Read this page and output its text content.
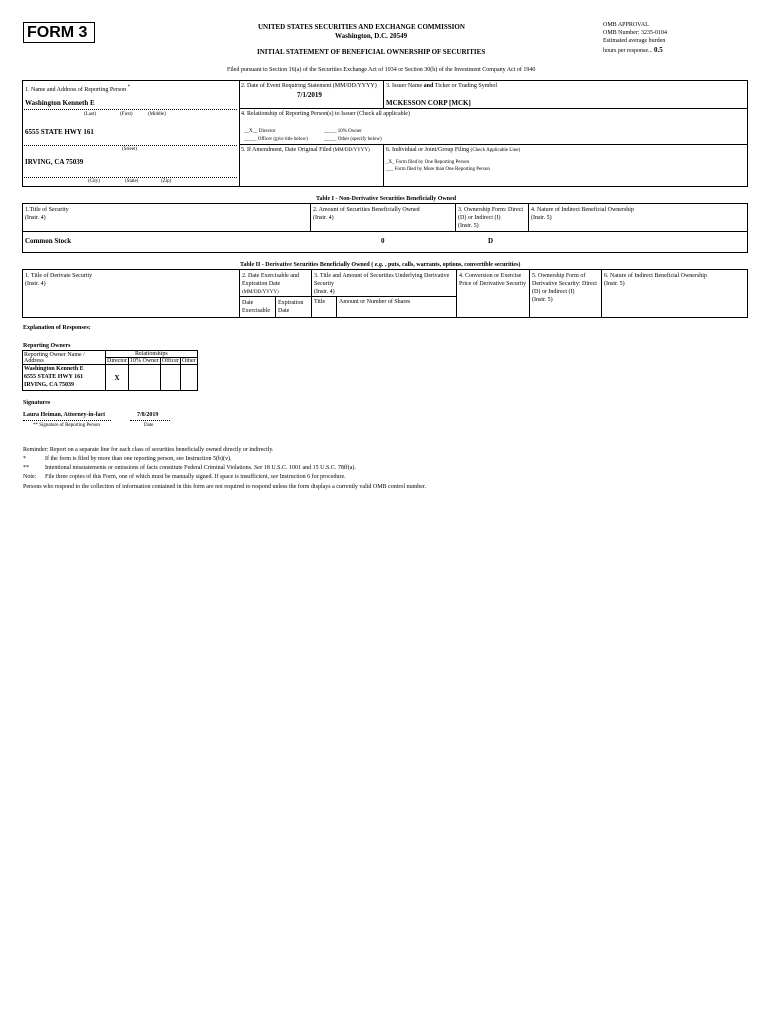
FORM 3	UNITED STATES SECURITIES AND EXCHANGE COMMISSION
Washington, D.C. 20549
INITIAL STATEMENT OF BENEFICIAL OWNERSHIP OF SECURITIES
OMB APPROVAL
OMB Number: 3235-0104
Estimated average burden
hours per response... 0.5
Filed pursuant to Section 16(a) of the Securities Exchange Act of 1934 or Section 30(h) of the Investment Company Act of 1940
1. Name and Address of Reporting Person *
Washington Kenneth E
(Last)	(First)	(Middle)
6555 STATE HWY 161
(Street)
IRVING, CA 75039
(City)	(State)	(Zip)
2. Date of Event Requiring Statement (MM/DD/YYYY)
7/1/2019
3. Issuer Name and Ticker or Trading Symbol
MCKESSON CORP [MCK]
4. Relationship of Reporting Person(s) to Issuer (Check all applicable)
__X__ Director	_____ 10% Owner
_____ Officer (give title below)	_____ Other (specify below)
5. If Amendment, Date Original Filed (MM/DD/YYYY)	6. Individual or Joint/Group Filing (Check Applicable Line)
_X_ Form filed by One Reporting Person
___ Form filed by More than One Reporting Person
Table I - Non-Derivative Securities Beneficially Owned
1.Title of Security
(Instr. 4)
2. Amount of Securities Beneficially Owned
(Instr. 4)
3. Ownership Form: Direct
(D) or Indirect (I)
(Instr. 5)
4. Nature of Indirect Beneficial Ownership
(Instr. 5)
Common Stock	0	D
Table II - Derivative Securities Beneficially Owned ( e.g. , puts, calls, warrants, options, convertible securities)
1. Title of Derivate Security
(Instr. 4)
2. Date Exercisable and
Expiration Date
(MM/DD/YYYY)
3. Title and Amount of Securities Underlying Derivative
Security
(Instr. 4)
4. Conversion or Exercise
Price of Derivative Security
5. Ownership Form of
Derivative Security: Direct
(D) or Indirect (I)
(Instr. 5)
6. Nature of Indirect Beneficial Ownership
(Instr. 5)
Date
Exercisable
Expiration
Date
Title Amount or Number of Shares
Explanation of Responses:
Reporting Owners
Reporting Owner Name / Address	Relationships			
	Director	10% Owner	Officer	Other
Washington Kenneth E
6555 STATE HWY 161
IRVING, CA 75039	X			
Signatures
Laura Heiman, Attorney-in-fact	7/8/2019
** Signature of Reporting Person	Date
Reminder: Report on a separate line for each class of securities beneficially owned directly or indirectly.
*	If the form is filed by more than one reporting person, see Instruction 5(b)(v).
**	Intentional misstatements or omissions of facts constitute Federal Criminal Violations. See 18 U.S.C. 1001 and 15 U.S.C. 78ff(a).
Note: File three copies of this Form, one of which must be manually signed. If space is insufficient, see Instruction 6 for procedure.
Persons who respond to the collection of information contained in this form are not required to respond unless the form displays a currently valid OMB control number.
